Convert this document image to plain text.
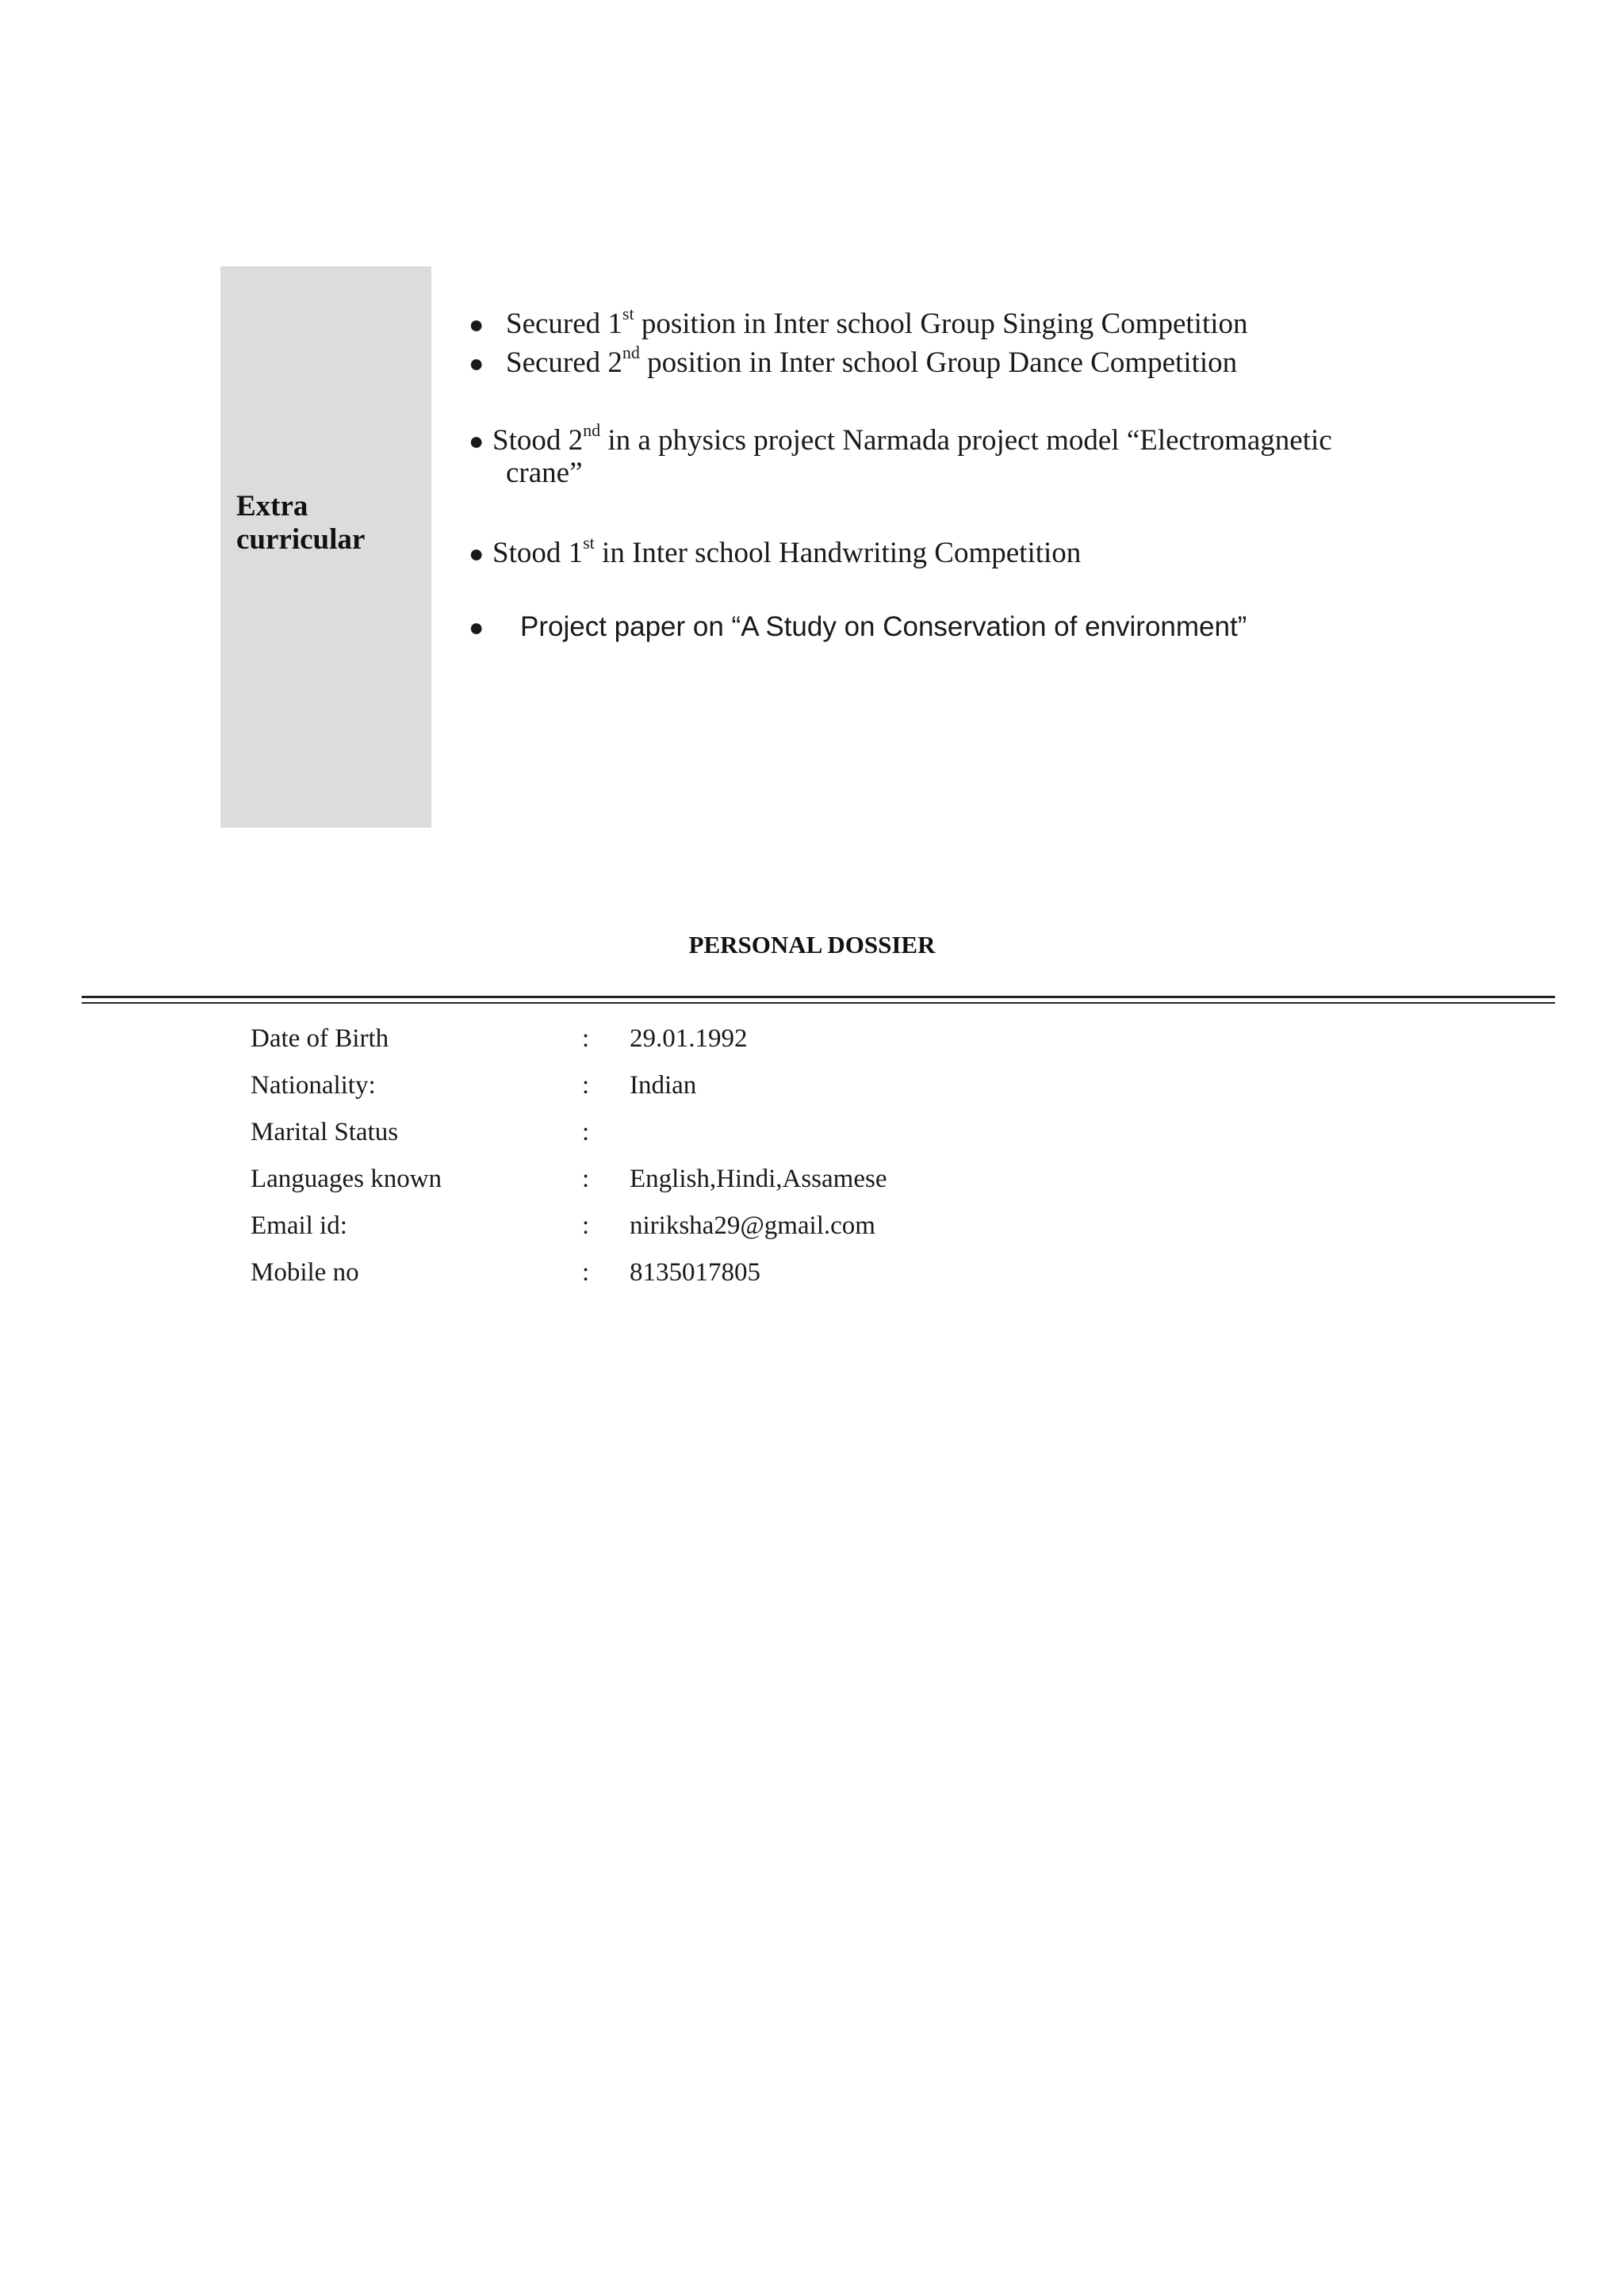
Extra
curricular
● Secured 1st position in Inter school Group Singing Competition
● Secured 2nd position in Inter school Group Dance Competition
● Stood 2nd in a physics project Narmada project model “Electromagnetic
crane”
● Stood 1st in Inter school Handwriting Competition
● Project paper on “A Study on Conservation of environment”
PERSONAL DOSSIER
Date of Birth	: 29.01.1992
Nationality:	: Indian
Marital Status	:
Languages known	: English,Hindi,Assamese
Email id:	: niriksha29@gmail.com
Mobile no	: 8135017805
